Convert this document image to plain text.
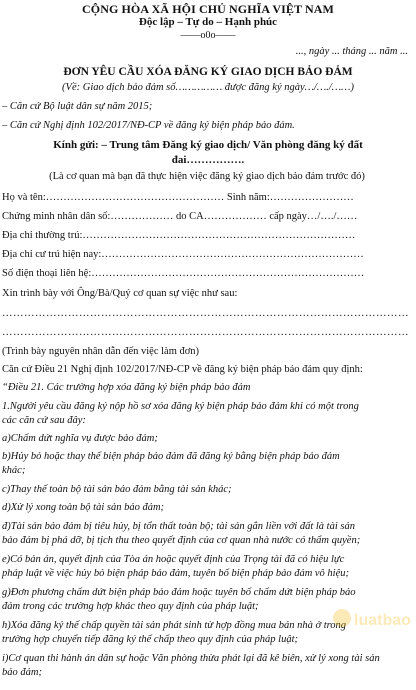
CỘNG HÒA XÃ HỘI CHỦ NGHĨA VIỆT NAM
Độc lập – Tự do – Hạnh phúc
——o0o——
..., ngày ... tháng ... năm ...
ĐƠN YÊU CẦU XÓA ĐĂNG KÝ GIAO DỊCH BẢO ĐẢM
(Về: Giao dịch bảo đảm số…………… được đăng ký ngày…/…./……)
– Căn cứ Bộ luật dân sự năm 2015;
– Căn cứ Nghị định 102/2017/NĐ-CP về đăng ký biện pháp bảo đảm.
Kính gửi: – Trung tâm Đăng ký giao dịch/ Văn phòng đăng ký đất đai…………….
(Là cơ quan mà bạn đã thực hiện việc đăng ký giao dịch bảo đảm trước đó)
Họ và tên:…………………………………………… Sinh năm:……………………
Chứng minh nhân dân số:……………… do CA……………… cấp ngày…/…./……
Địa chỉ thường trú:……………………………………………………………………
Địa chỉ cư trú hiện nay:…………………………………………………………………
Số điện thoại liên hệ:……………………………………………………………………
Xin trình bày với Ông/Bà/Quý cơ quan sự việc như sau:
…………………………………………………………………………………………………
…………………………………………………………………………………………………
(Trình bày nguyên nhân dẫn đến việc làm đơn)
Căn cứ Điều 21 Nghị định 102/2017/NĐ-CP về đăng ký biện pháp bảo đảm quy định:
“Điều 21. Các trường hợp xóa đăng ký biện pháp bảo đảm
1.Người yêu cầu đăng ký nộp hồ sơ xóa đăng ký biện pháp bảo đảm khi có một trong
các căn cứ sau đây:
a)Chấm dứt nghĩa vụ được bảo đảm;
b)Hủy bỏ hoặc thay thế biện pháp bảo đảm đã đăng ký bằng biện pháp bảo đảm
khác;
c)Thay thế toàn bộ tài sản bảo đảm bằng tài sản khác;
d)Xử lý xong toàn bộ tài sản bảo đảm;
đ)Tài sản bảo đảm bị tiêu hủy, bị tổn thất toàn bộ; tài sản gắn liền với đất là tài sản
bảo đảm bị phá dỡ, bị tịch thu theo quyết định của cơ quan nhà nước có thẩm quyền;
e)Có bản án, quyết định của Tòa án hoặc quyết định của Trọng tài đã có hiệu lực
pháp luật về việc hủy bỏ biện pháp bảo đảm, tuyên bố biện pháp bảo đảm vô hiệu;
g)Đơn phương chấm dứt biện pháp bảo đảm hoặc tuyên bố chấm dứt biện pháp bảo
đảm trong các trường hợp khác theo quy định của pháp luật;
h)Xóa đăng ký thế chấp quyền tài sản phát sinh từ hợp đồng mua bán nhà ở trong
trường hợp chuyển tiếp đăng ký thế chấp theo quy định của pháp luật;
i)Cơ quan thi hành án dân sự hoặc Văn phòng thừa phát lại đã kê biên, xử lý xong tài sản
bảo đảm;
luatbao
